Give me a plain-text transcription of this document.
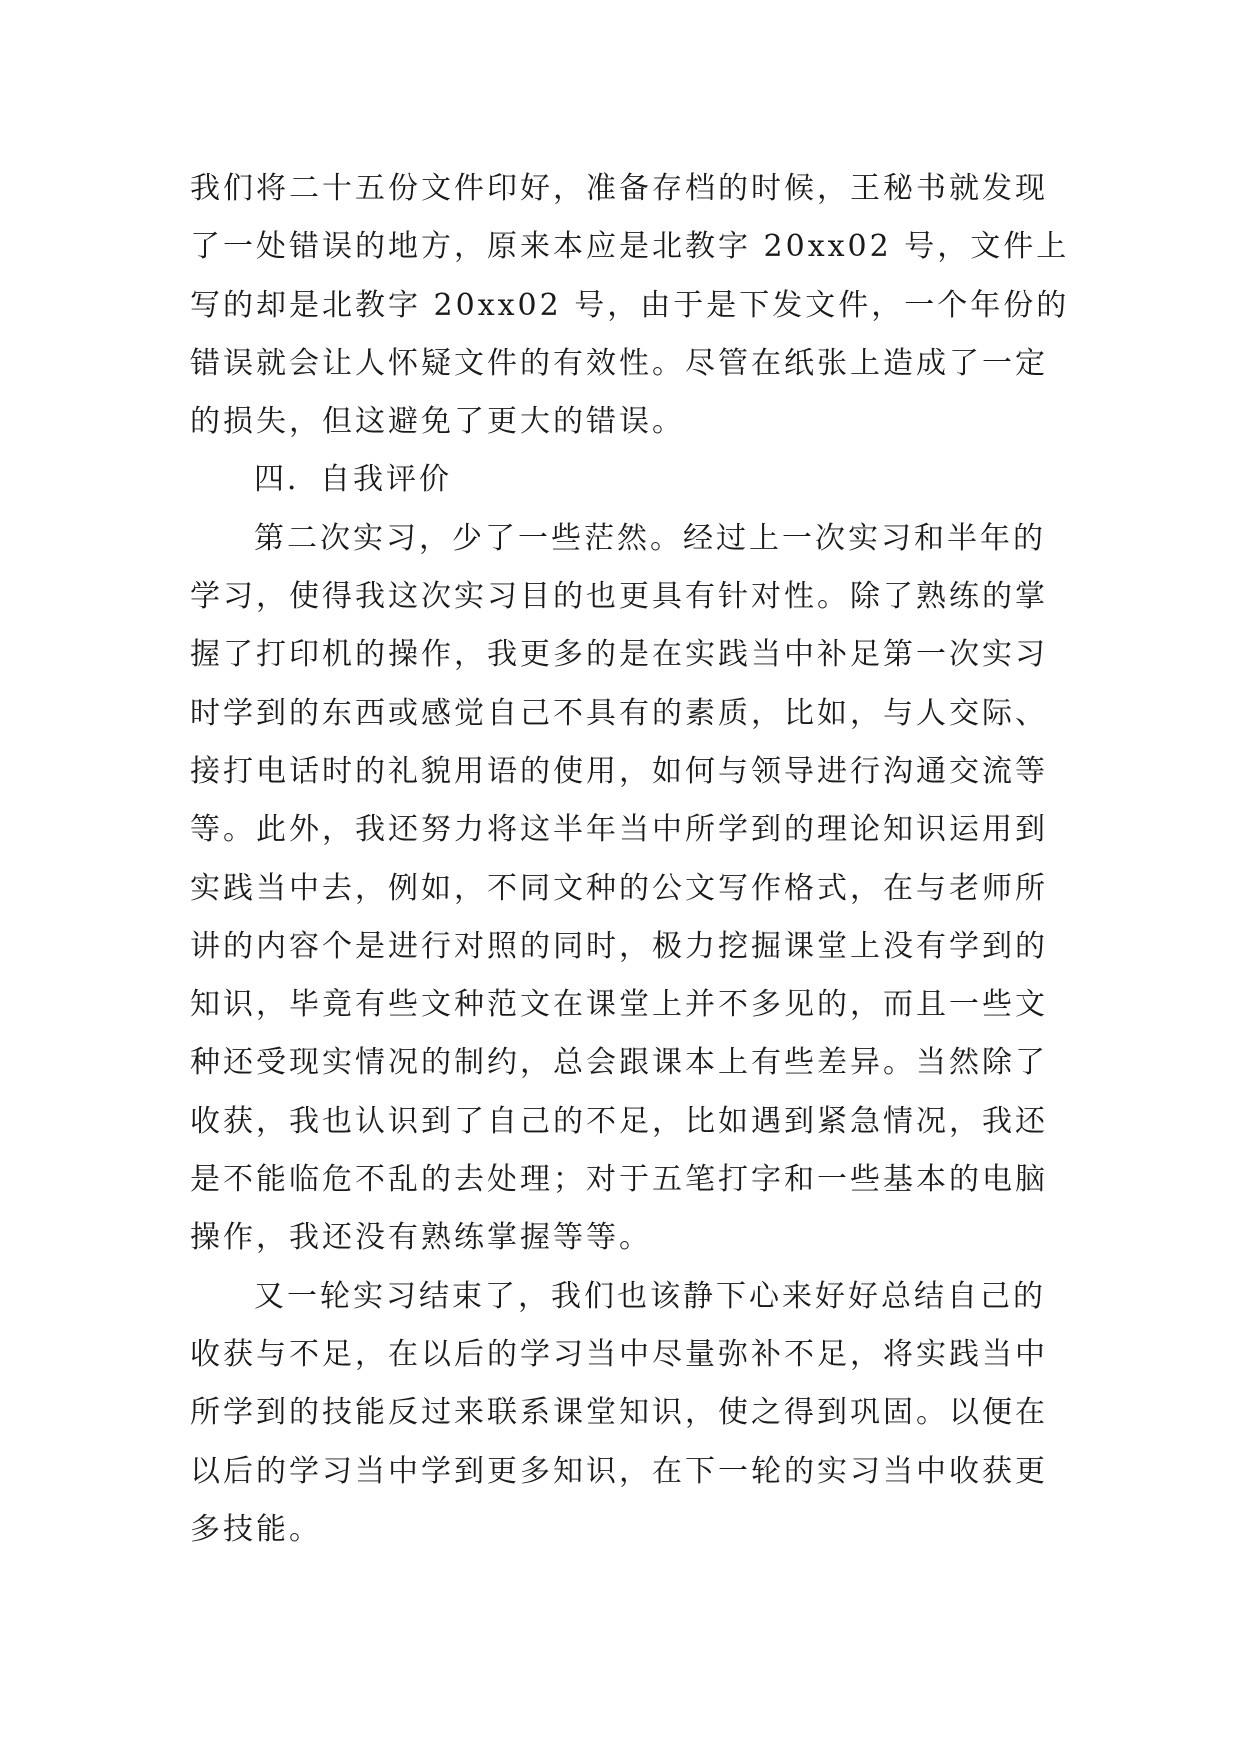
我们将二十五份文件印好，准备存档的时候，王秘书就发现
了一处错误的地方，原来本应是北教字 20xx02 号，文件上
写的却是北教字 20xx02 号，由于是下发文件，一个年份的
错误就会让人怀疑文件的有效性。尽管在纸张上造成了一定
的损失，但这避免了更大的错误。
四．自我评价
第二次实习，少了一些茫然。经过上一次实习和半年的
学习，使得我这次实习目的也更具有针对性。除了熟练的掌
握了打印机的操作，我更多的是在实践当中补足第一次实习
时学到的东西或感觉自己不具有的素质，比如，与人交际、
接打电话时的礼貌用语的使用，如何与领导进行沟通交流等
等。此外，我还努力将这半年当中所学到的理论知识运用到
实践当中去，例如，不同文种的公文写作格式，在与老师所
讲的内容个是进行对照的同时，极力挖掘课堂上没有学到的
知识，毕竟有些文种范文在课堂上并不多见的，而且一些文
种还受现实情况的制约，总会跟课本上有些差异。当然除了
收获，我也认识到了自己的不足，比如遇到紧急情况，我还
是不能临危不乱的去处理；对于五笔打字和一些基本的电脑
操作，我还没有熟练掌握等等。
又一轮实习结束了，我们也该静下心来好好总结自己的
收获与不足，在以后的学习当中尽量弥补不足，将实践当中
所学到的技能反过来联系课堂知识，使之得到巩固。以便在
以后的学习当中学到更多知识，在下一轮的实习当中收获更
多技能。
